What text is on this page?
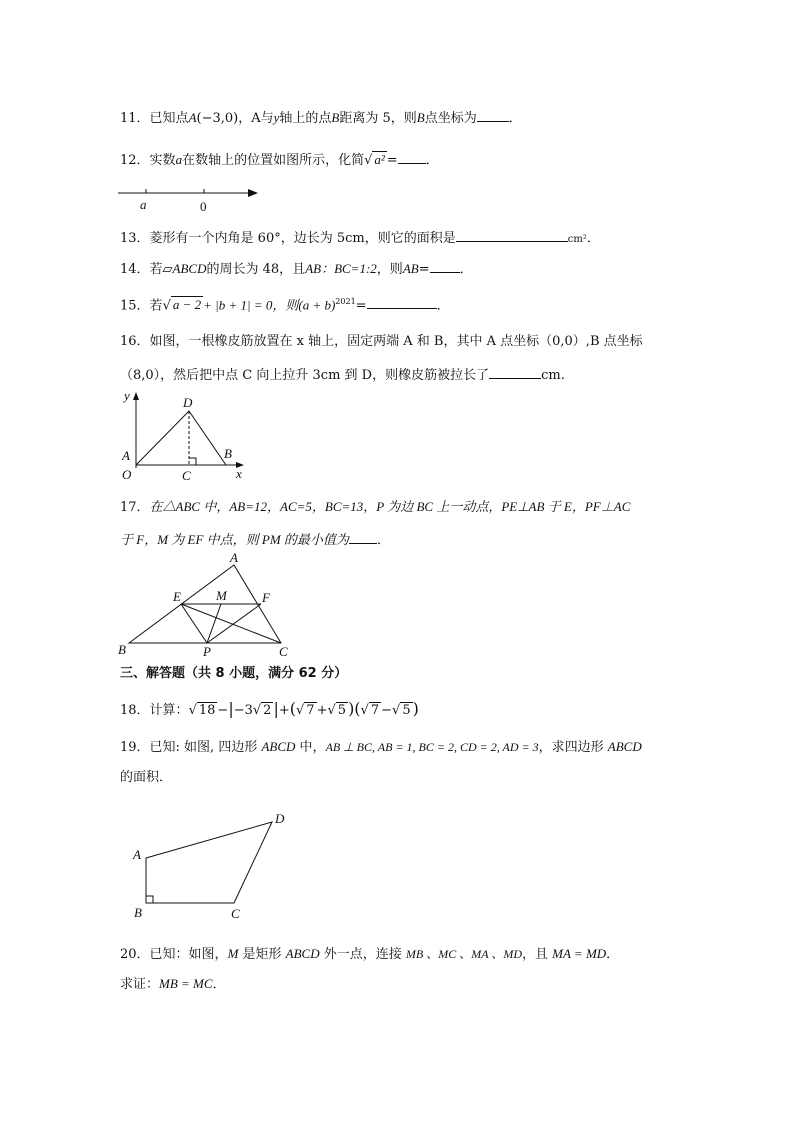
11．已知点A(−3,0)，A与y轴上的点B距离为 5，则B点坐标为 ．
12．实数a在数轴上的位置如图所示，化简√ a² = ．
a	0
13．菱形有一个内角是 60°，边长为 5cm，则它的面积是	cm²．
14．若▱ABCD的周长为 48，且AB：BC=1:2，则AB= ．
15．若√ a − 2 + |b + 1| = 0，则$(a + b)^{2021}=$	．
16．如图，一根橡皮筋放置在 x 轴上，固定两端 A 和 B，其中 A 点坐标（0,0）,B 点坐标
（8,0），然后把中点 C 向上拉升 3cm 到 D，则橡皮筋被拉长了	cm.
y	D
A
O	C
B
x
17．在△ABC 中，AB=12，AC=5，BC=13，P 为边 BC 上一动点，PE⊥AB 于 E，PF⊥AC
于 F，M 为 EF 中点，则 PM 的最小值为 ．
A
E	M	F
B	P	C
三、解答题（共 8 小题，满分 62 分）
18．计算：√ 18 −|−3√ 2 |+(√ 7 +√ 5 )(√ 7 −√ 5 )
19．已知: 如图, 四边形 ABCD 中，AB ⊥ BC, AB = 1, BC = 2, CD = 2, AD = 3，求四边形 ABCD
的面积．
A
B	C
D
20．已知：如图，M 是矩形 ABCD 外一点，连接 MB 、MC 、MA 、MD，且 MA = MD．
求证：MB = MC．
